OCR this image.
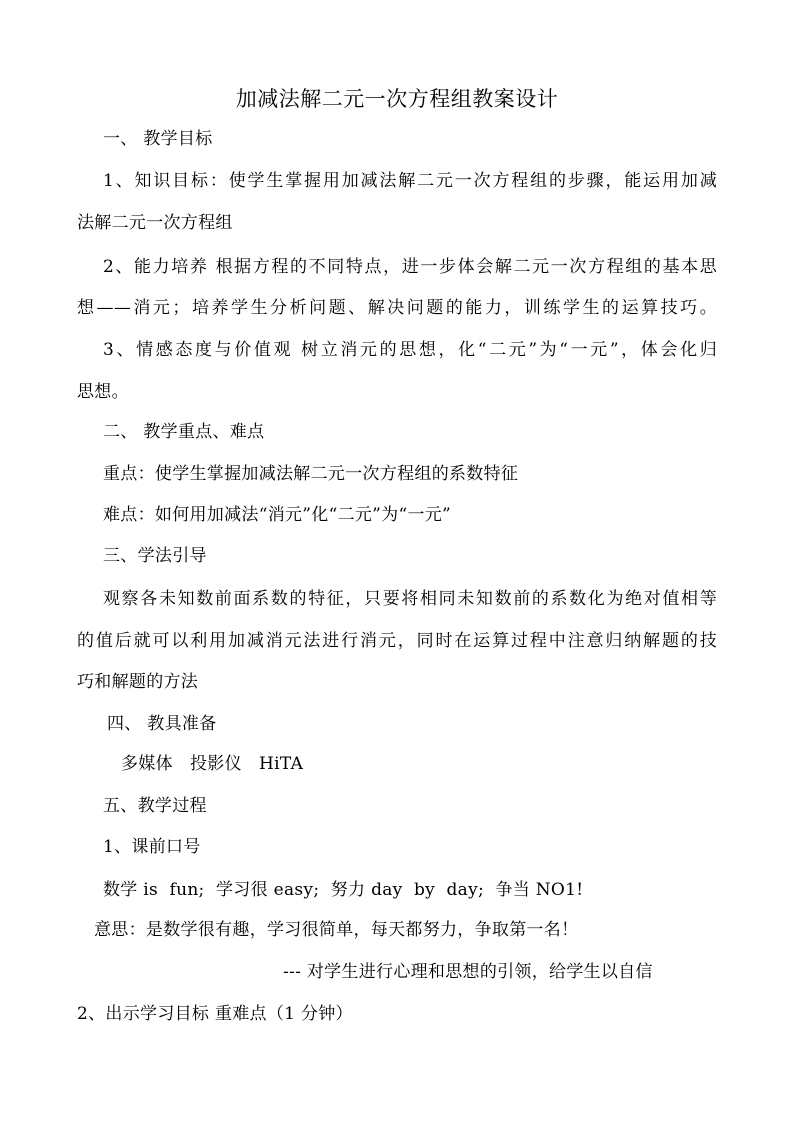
加减法解二元一次方程组教案设计
一、 教学目标
1、知识目标：使学生掌握用加减法解二元一次方程组的步骤，能运用加减
法解二元一次方程组
2、能力培养 根据方程的不同特点，进一步体会解二元一次方程组的基本思
想——消元；培养学生分析问题、解决问题的能力，训练学生的运算技巧。
3、情感态度与价值观 树立消元的思想，化“二元”为“一元”，体会化归
思想。
二、 教学重点、难点
重点：使学生掌握加减法解二元一次方程组的系数特征
难点：如何用加减法“消元”化“二元”为“一元”
三、学法引导
观察各未知数前面系数的特征，只要将相同未知数前的系数化为绝对值相等
的值后就可以利用加减消元法进行消元，同时在运算过程中注意归纳解题的技
巧和解题的方法
四、 教具准备
多媒体   投影仪   HiTA
五、教学过程
1、课前口号
数学 is  fun;  学习很 easy;  努力 day  by  day;  争当 NO1!
意思：是数学很有趣，学习很简单，每天都努力，争取第一名！
--- 对学生进行心理和思想的引领，给学生以自信
2、出示学习目标 重难点（1 分钟）
